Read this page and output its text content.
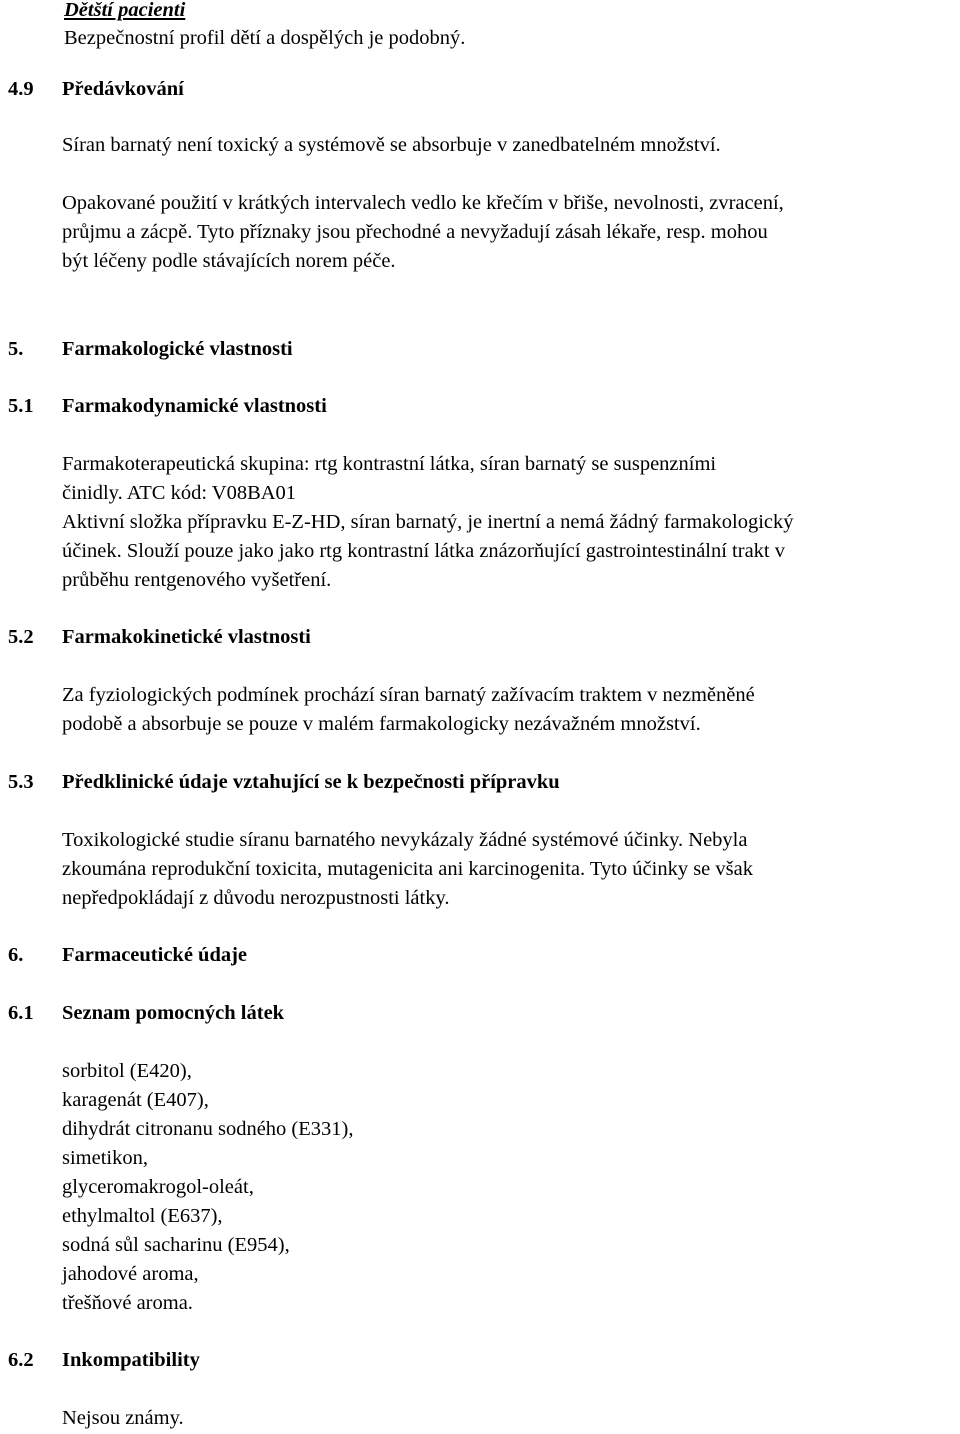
Dětští pacienti
Bezpečnostní profil dětí a dospělých je podobný.
4.9 Předávkování
Síran barnatý není toxický a systémově se absorbuje v zanedbatelném množství.
Opakované použití v krátkých intervalech vedlo ke křečím v břiše, nevolnosti, zvracení,
průjmu a zácpě. Tyto příznaky jsou přechodné a nevyžadují zásah lékaře, resp. mohou
být léčeny podle stávajících norem péče.
5. Farmakologické vlastnosti
5.1 Farmakodynamické vlastnosti
Farmakoterapeutická skupina: rtg kontrastní látka, síran barnatý se suspenzními
činidly. ATC kód: V08BA01
Aktivní složka přípravku E-Z-HD, síran barnatý, je inertní a nemá žádný farmakologický
účinek. Slouží pouze jako jako rtg kontrastní látka znázorňující gastrointestinální trakt v
průběhu rentgenového vyšetření.
5.2 Farmakokinetické vlastnosti
Za fyziologických podmínek prochází síran barnatý zažívacím traktem v nezměněné
podobě a absorbuje se pouze v malém farmakologicky nezávažném množství.
5.3 Předklinické údaje vztahující se k bezpečnosti přípravku
Toxikologické studie síranu barnatého nevykázaly žádné systémové účinky. Nebyla
zkoumána reprodukční toxicita, mutagenicita ani karcinogenita. Tyto účinky se však
nepředpokládají z důvodu nerozpustnosti látky.
6. Farmaceutické údaje
6.1 Seznam pomocných látek
sorbitol (E420),
karagenát (E407),
dihydrát citronanu sodného (E331),
simetikon,
glyceromakrogol-oleát,
ethylmaltol (E637),
sodná sůl sacharinu (E954),
jahodové aroma,
třešňové aroma.
6.2 Inkompatibility
Nejsou známy.
